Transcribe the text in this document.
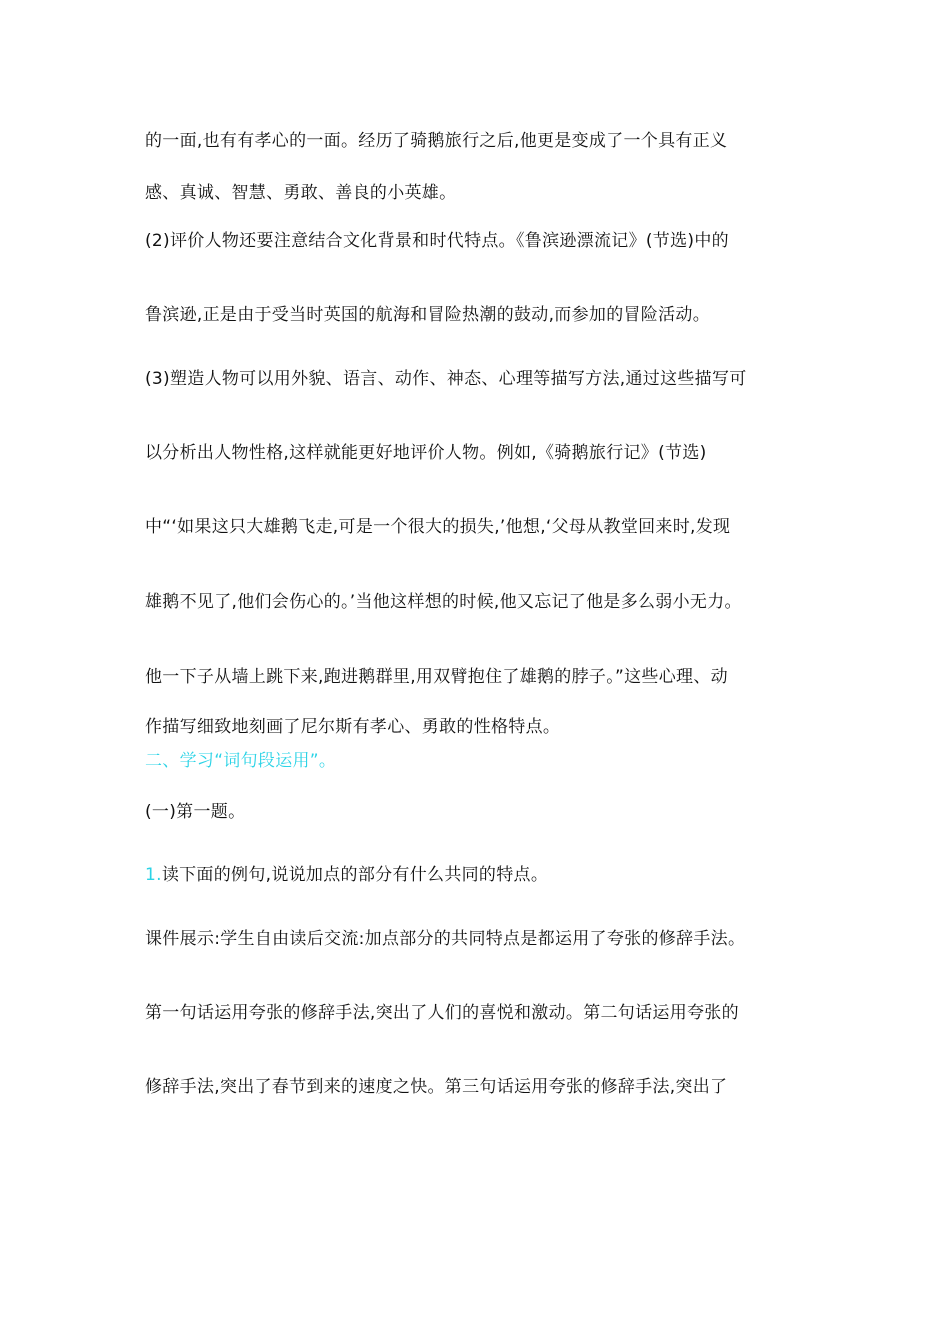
的一面,也有有孝心的一面。经历了骑鹅旅行之后,他更是变成了一个具有正义
感、真诚、智慧、勇敢、善良的小英雄。
(2)评价人物还要注意结合文化背景和时代特点。《鲁滨逊漂流记》(节选)中的
鲁滨逊,正是由于受当时英国的航海和冒险热潮的鼓动,而参加的冒险活动。
(3)塑造人物可以用外貌、语言、动作、神态、心理等描写方法,通过这些描写可
以分析出人物性格,这样就能更好地评价人物。例如,《骑鹅旅行记》(节选)
中“‘如果这只大雄鹅飞走,可是一个很大的损失,’他想,‘父母从教堂回来时,发现
雄鹅不见了,他们会伤心的。’当他这样想的时候,他又忘记了他是多么弱小无力。
他一下子从墙上跳下来,跑进鹅群里,用双臂抱住了雄鹅的脖子。”这些心理、动
作描写细致地刻画了尼尔斯有孝心、勇敢的性格特点。
二、学习“词句段运用”。
(一)第一题。
1.读下面的例句,说说加点的部分有什么共同的特点。
课件展示:学生自由读后交流:加点部分的共同特点是都运用了夸张的修辞手法。
第一句话运用夸张的修辞手法,突出了人们的喜悦和激动。第二句话运用夸张的
修辞手法,突出了春节到来的速度之快。第三句话运用夸张的修辞手法,突出了
